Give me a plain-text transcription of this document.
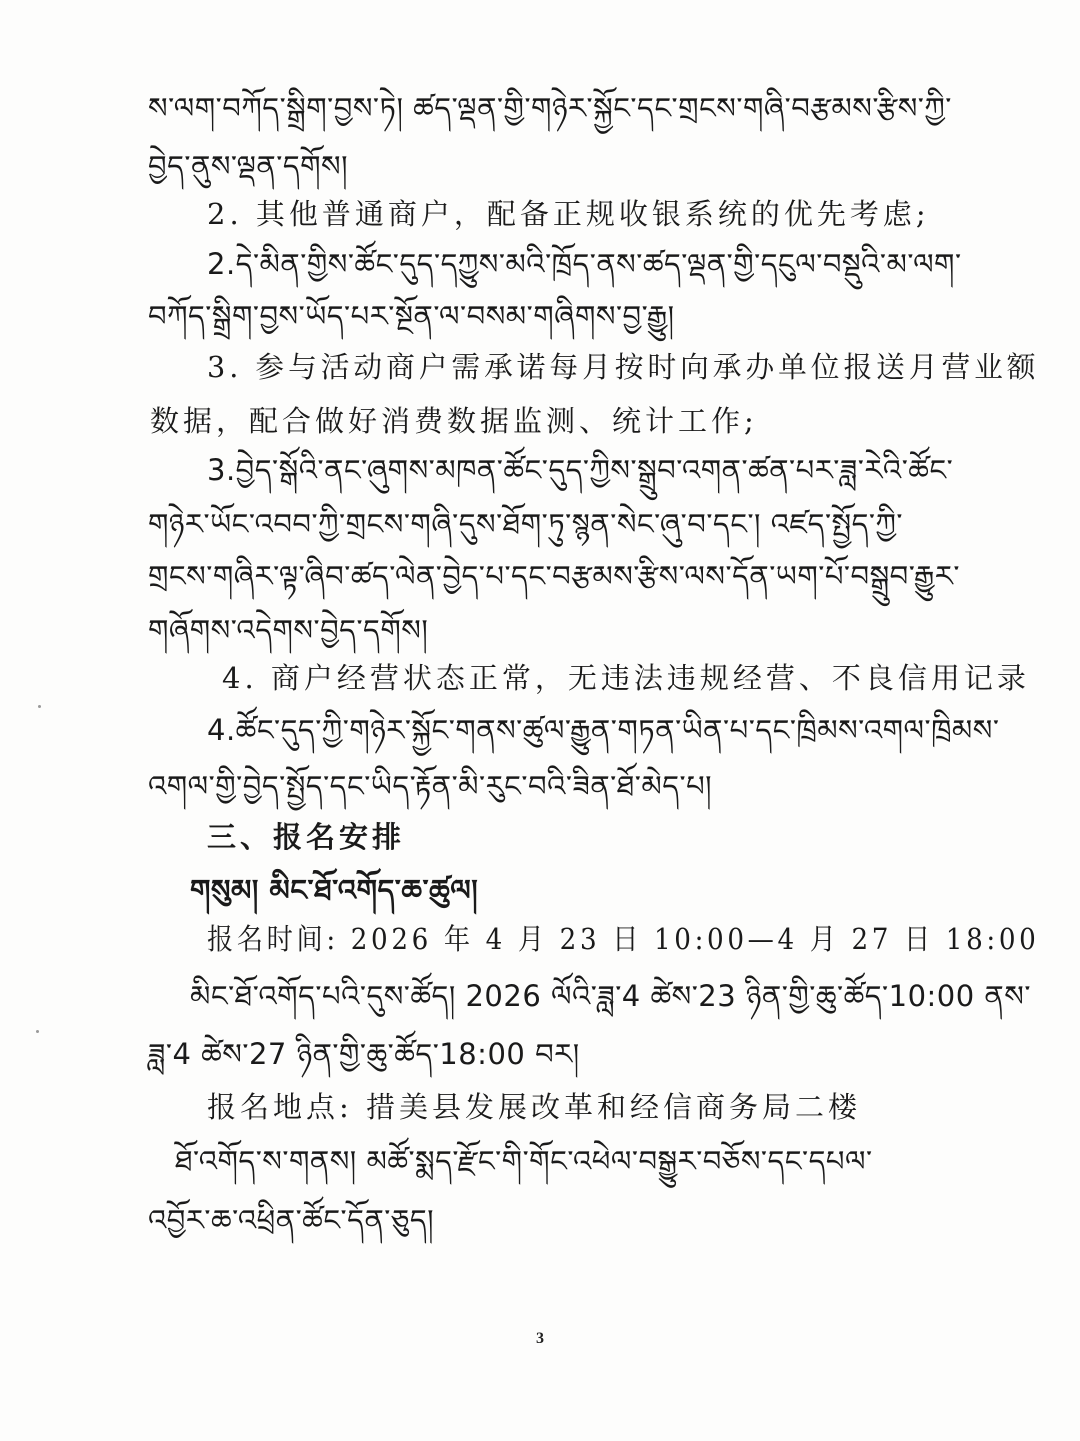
ས་ལག་བཀོད་སྒྲིག་བྱས་ཏེ། ཚད་ལྡན་གྱི་གཉེར་སྐྱོང་དང་གྲངས་གཞི་བརྩམས་རྩིས་ཀྱི་
བྱེད་ནུས་ལྡན་དགོས།
2. 其他普通商户，配备正规收银系统的优先考虑;
2.དེ་མིན་གྱིས་ཚོང་དུད་དཀྱུས་མའི་ཁྲོད་ནས་ཚད་ལྡན་གྱི་དངུལ་བསྡུའི་མ་ལག་
བཀོད་སྒྲིག་བྱས་ཡོད་པར་སྔོན་ལ་བསམ་གཞིགས་བྱ་རྒྱུ།
3. 参与活动商户需承诺每月按时向承办单位报送月营业额
数据，配合做好消费数据监测、统计工作;
3.བྱེད་སྒོའི་ནང་ཞུགས་མཁན་ཚོང་དུད་ཀྱིས་སྒྲུབ་འགན་ཚན་པར་ཟླ་རེའི་ཚོང་
གཉེར་ཡོང་འབབ་ཀྱི་གྲངས་གཞི་དུས་ཐོག་ཏུ་སྙན་སེང་ཞུ་བ་དང་། འཛད་སྤྱོད་ཀྱི་
གྲངས་གཞིར་ལྟ་ཞིབ་ཚད་ལེན་བྱེད་པ་དང་བརྩམས་རྩིས་ལས་དོན་ཡག་པོ་བསྒྲུབ་རྒྱུར་
གཞོགས་འདེགས་བྱེད་དགོས།
4. 商户经营状态正常，无违法违规经营、不良信用记录
4.ཚོང་དུད་ཀྱི་གཉེར་སྐྱོང་གནས་ཚུལ་རྒྱུན་གཏན་ཡིན་པ་དང་ཁྲིམས་འགལ་ཁྲིམས་
འགལ་གྱི་བྱེད་སྤྱོད་དང་ཡིད་རྟོན་མི་རུང་བའི་ཟིན་ཐོ་མེད་པ།
三、报名安排
གསུམ། མིང་ཐོ་འགོད་ཆ་ཚུལ།
报名时间: 2026 年 4 月 23 日 10:00—4 月 27 日 18:00
མིང་ཐོ་འགོད་པའི་དུས་ཚོད། 2026 ལོའི་ཟླ་4 ཚེས་23 ཉིན་གྱི་ཆུ་ཚོད་10:00 ནས་
ཟླ་4 ཚེས་27 ཉིན་གྱི་ཆུ་ཚོད་18:00 བར།
报名地点: 措美县发展改革和经信商务局二楼
ཐོ་འགོད་ས་གནས། མཚོ་སྨད་རྫོང་གི་གོང་འཕེལ་བསྒྱུར་བཅོས་དང་དཔལ་
འབྱོར་ཆ་འཕྲིན་ཚོང་དོན་ཅུད།
3
